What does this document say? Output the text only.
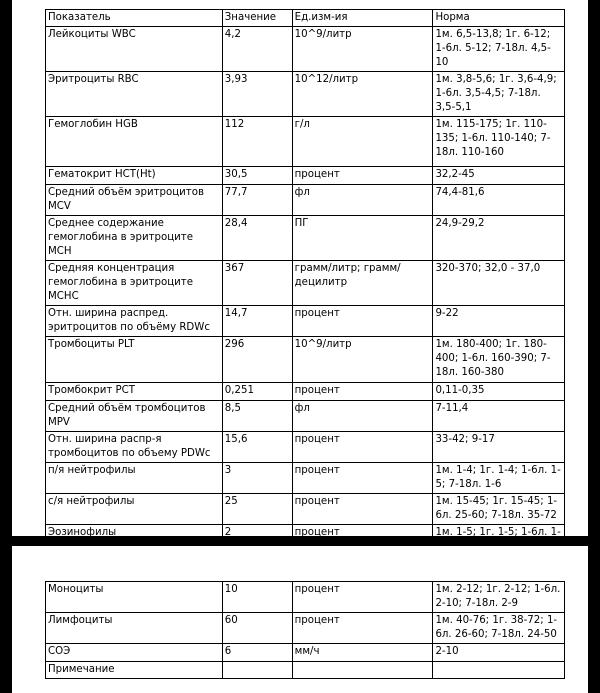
Показатель	Значение	Ед.изм-ия	Норма
Лейкоциты WBC	4,2	10^9/литр	1м. 6,5-13,8; 1г. 6-12; 1-6л. 5-12; 7-18л. 4,5-10
Эритроциты RBC	3,93	10^12/литр	1м. 3,8-5,6; 1г. 3,6-4,9; 1-6л. 3,5-4,5; 7-18л. 3,5-5,1
Гемоглобин HGB	112	г/л	1м. 115-175; 1г. 110-135; 1-6л. 110-140; 7-18л. 110-160
Гематокрит HCT(Ht)	30,5	процент	32,2-45
Средний объём эритроцитов MCV	77,7	фл	74,4-81,6
Среднее содержание гемоглобина в эритроците MCH	28,4	ПГ	24,9-29,2
Средняя концентрация гемоглобина в эритроците MCHC	367	грамм/литр; грамм/децилитр	320-370; 32,0 - 37,0
Отн. ширина распред. эритроцитов по объёму RDWc	14,7	процент	9-22
Тромбоциты PLT	296	10^9/литр	1м. 180-400; 1г. 180-400; 1-6л. 160-390; 7-18л. 160-380
Тромбокрит PCT	0,251	процент	0,11-0,35
Средний объём тромбоцитов MPV	8,5	фл	7-11,4
Отн. ширина распр-я тромбоцитов по объему PDWc	15,6	процент	33-42; 9-17
п/я нейтрофилы	3	процент	1м. 1-4; 1г. 1-4; 1-6л. 1-5; 7-18л. 1-6
с/я нейтрофилы	25	процент	1м. 15-45; 1г. 15-45; 1-6л. 25-60; 7-18л. 35-72
Эозинофилы	2	процент	1м. 1-5; 1г. 1-5; 1-6л. 1-
Моноциты	10	процент	1м. 2-12; 1г. 2-12; 1-6л. 2-10; 7-18л. 2-9
Лимфоциты	60	процент	1м. 40-76; 1г. 38-72; 1-6л. 26-60; 7-18л. 24-50
СОЭ	6	мм/ч	2-10
Примечание			
